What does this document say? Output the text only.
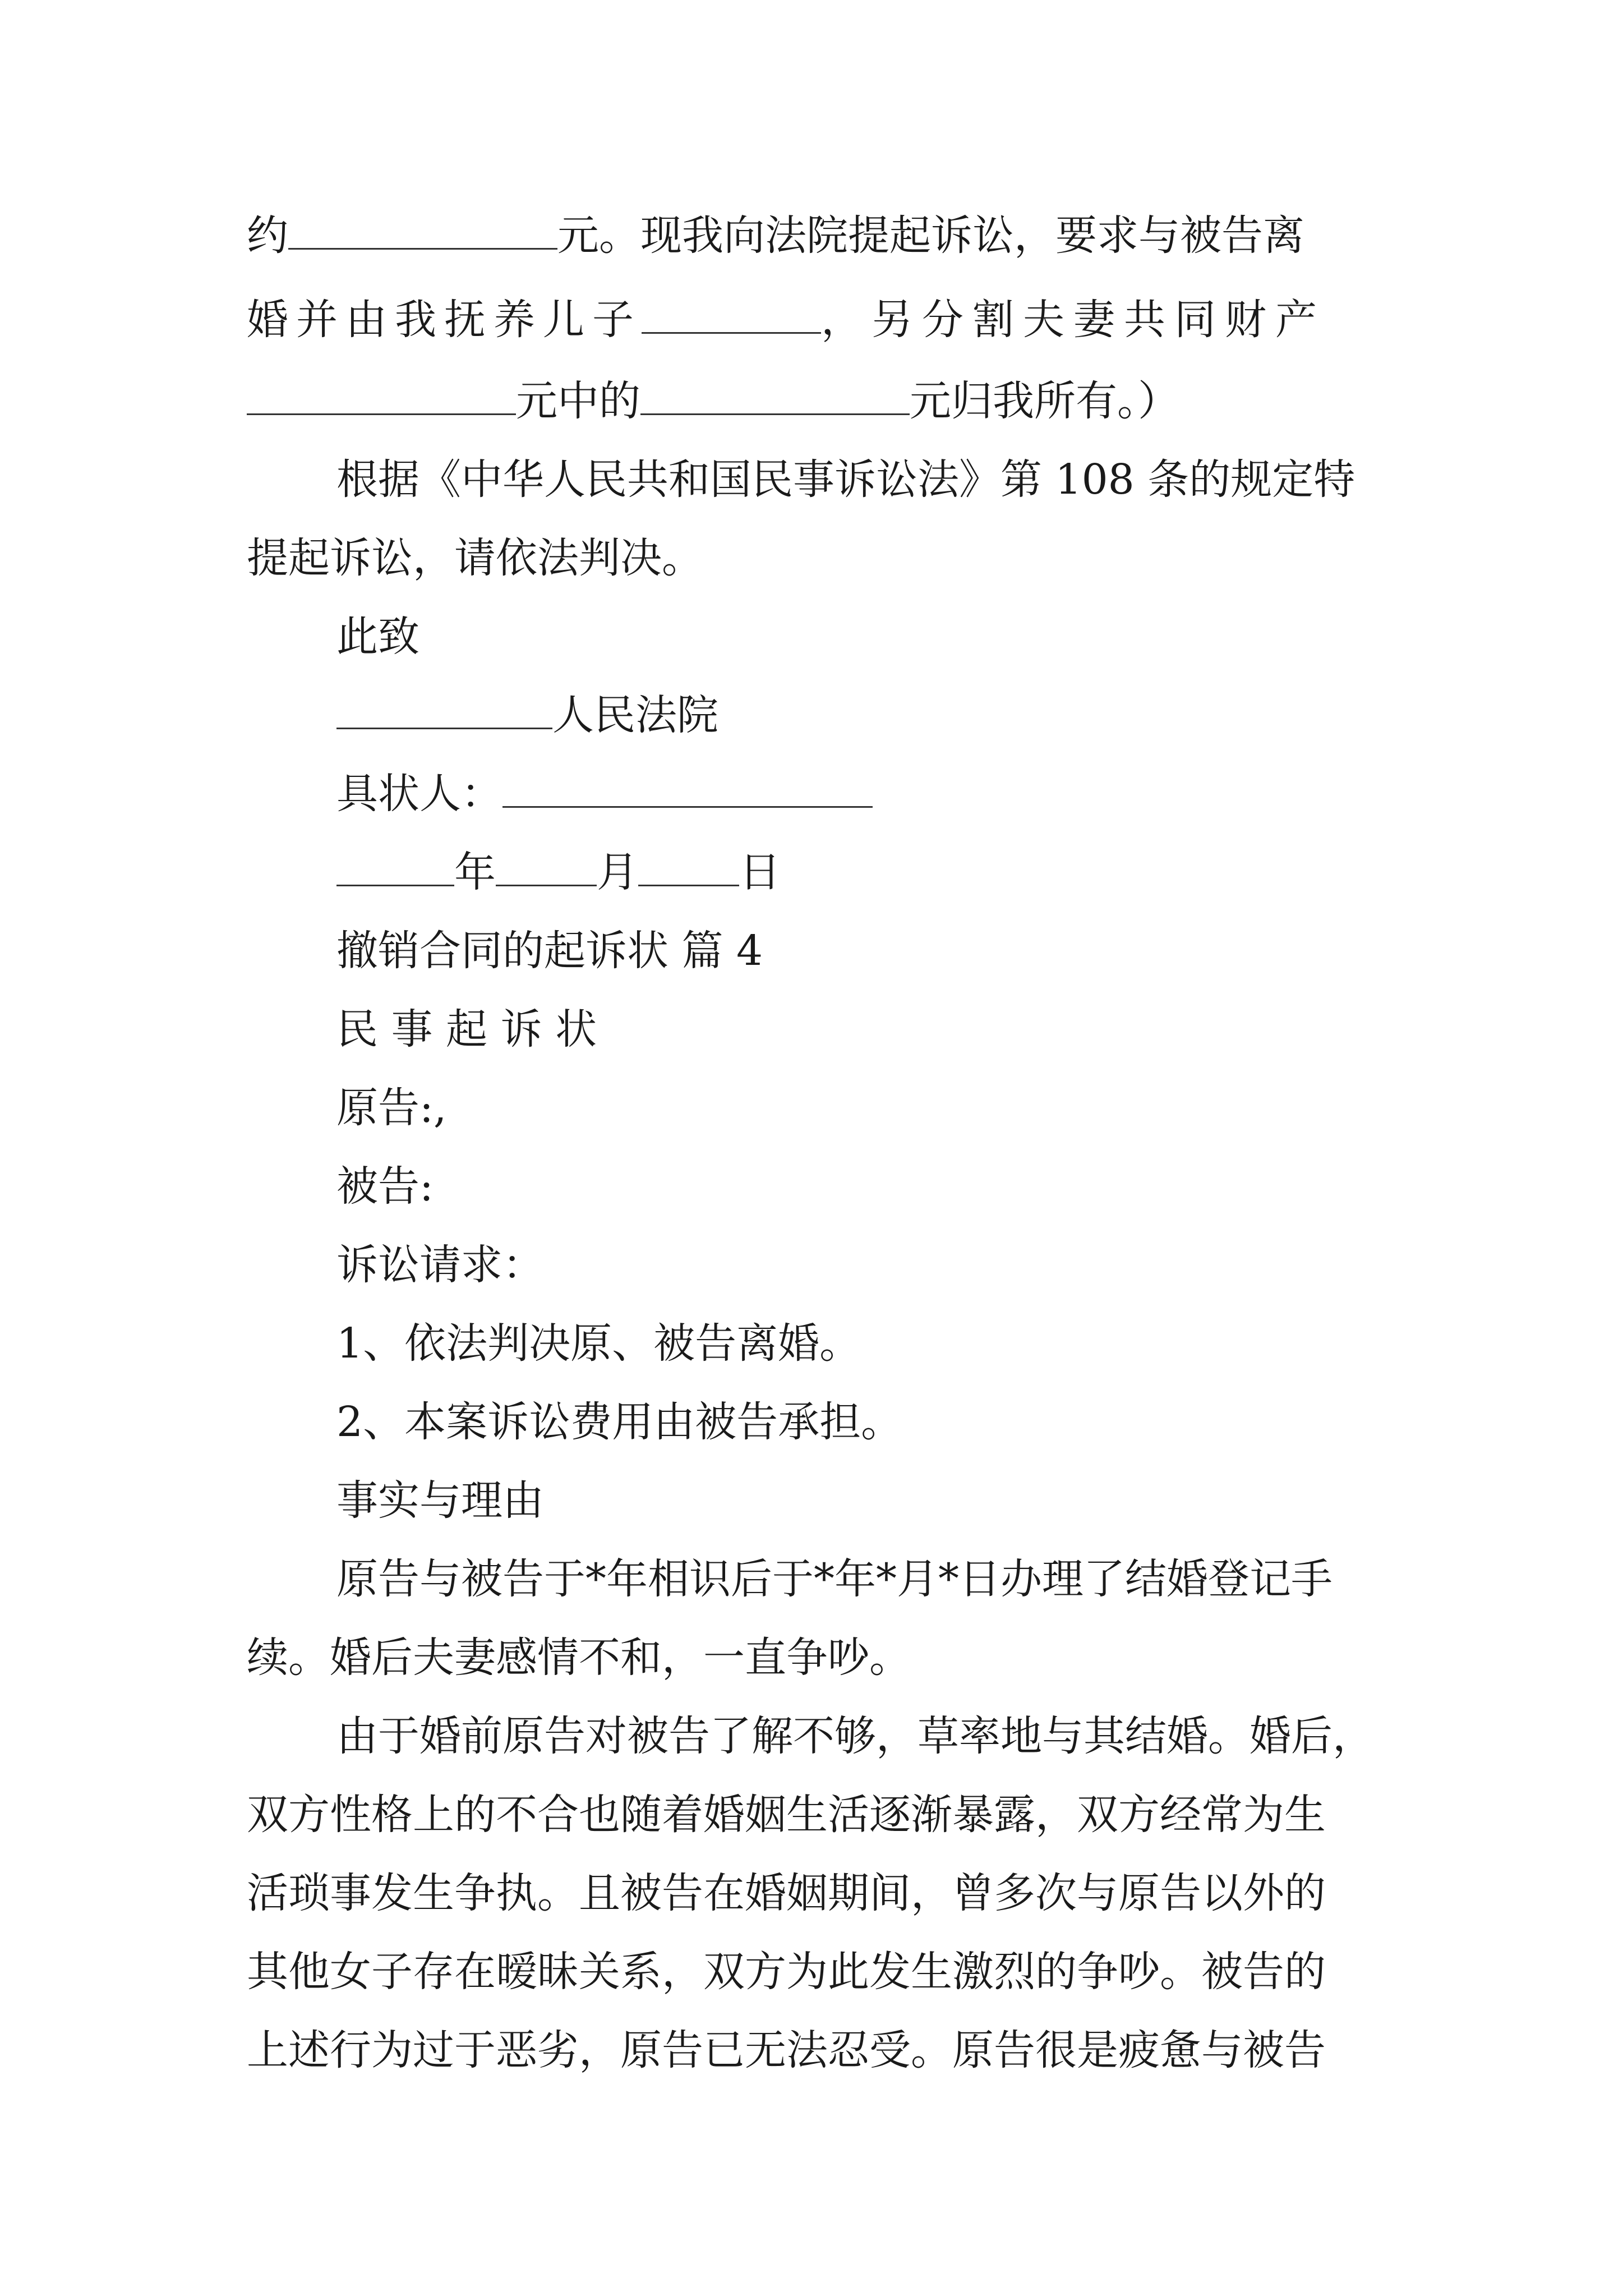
约	元。现我向法院提起诉讼，要求与被告离
婚并由我抚养儿子	，另分割夫妻共同财产
元中的	元归我所有。）
根据《中华人民共和国民事诉讼法》第 108 条的规定特
提起诉讼，请依法判决。
此致
人民法院
具状人：
年 月 日
撤销合同的起诉状 篇 4
民 事 起 诉 状
原告:,
被告:
诉讼请求：
1、依法判决原、被告离婚。
2、本案诉讼费用由被告承担。
事实与理由
原告与被告于*年相识后于*年*月*日办理了结婚登记手
续。婚后夫妻感情不和，一直争吵。
由于婚前原告对被告了解不够，草率地与其结婚。婚后，
双方性格上的不合也随着婚姻生活逐渐暴露，双方经常为生
活琐事发生争执。且被告在婚姻期间，曾多次与原告以外的
其他女子存在暧昧关系，双方为此发生激烈的争吵。被告的
上述行为过于恶劣，原告已无法忍受。原告很是疲惫与被告
